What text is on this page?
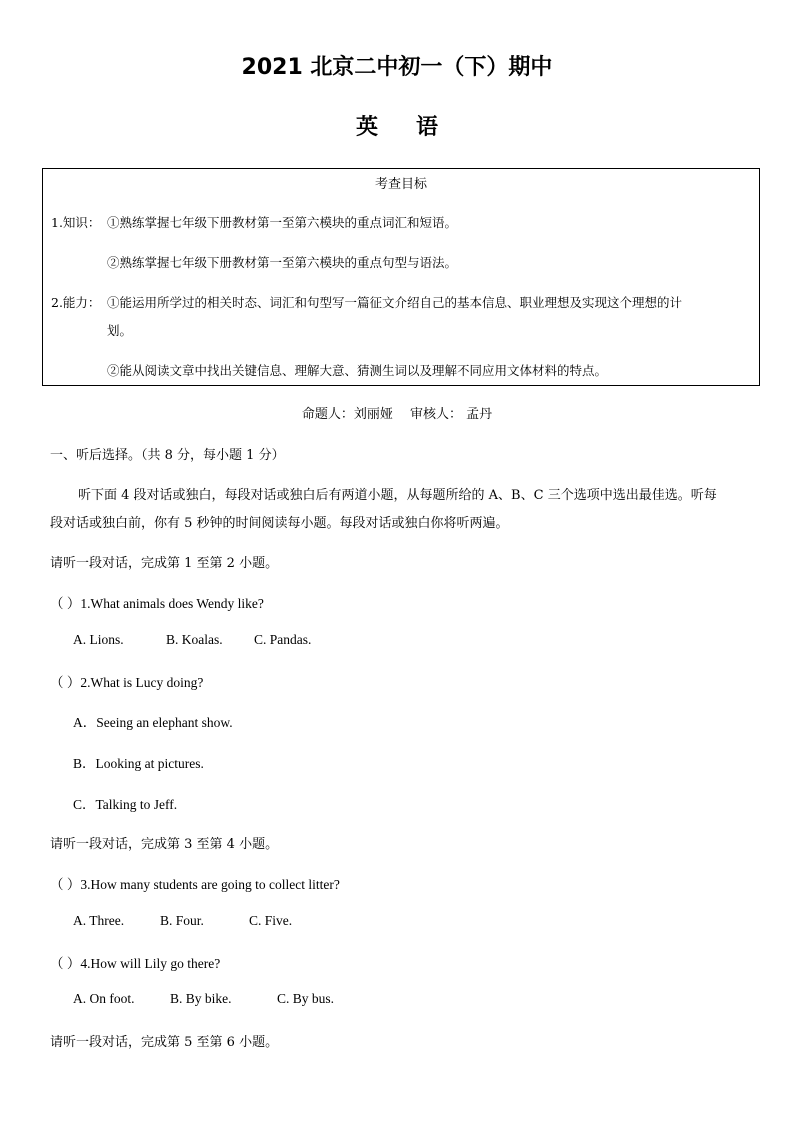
2021 北京二中初一（下）期中
英语
考查目标
1.知识： ①熟练掌握七年级下册教材第一至第六模块的重点词汇和短语。
②熟练掌握七年级下册教材第一至第六模块的重点句型与语法。
2.能力： ①能运用所学过的相关时态、词汇和句型写一篇征文介绍自己的基本信息、职业理想及实现这个理想的计
划。
②能从阅读文章中找出关键信息、理解大意、猜测生词以及理解不同应用文体材料的特点。
命题人：刘丽娅　 审核人： 孟丹
一、听后选择。（共 8 分，每小题 1 分）
听下面 4 段对话或独白，每段对话或独白后有两道小题，从每题所给的 A、B、C 三个选项中选出最佳选。听每
段对话或独白前，你有 5 秒钟的时间阅读每小题。每段对话或独白你将听两遍。
请听一段对话，完成第 1 至第 2 小题。
（ ）1.What animals does Wendy like?
A. Lions.	B. Koalas. C. Pandas.
（ ）2.What is Lucy doing?
A．Seeing an elephant show.
B．Looking at pictures.
C．Talking to Jeff.
请听一段对话，完成第 3 至第 4 小题。
（ ）3.How many students are going to collect litter?
A. Three.	B. Four.	C. Five.
（ ）4.How will Lily go there?
A. On foot.	B. By bike.	C. By bus.
请听一段对话，完成第 5 至第 6 小题。
